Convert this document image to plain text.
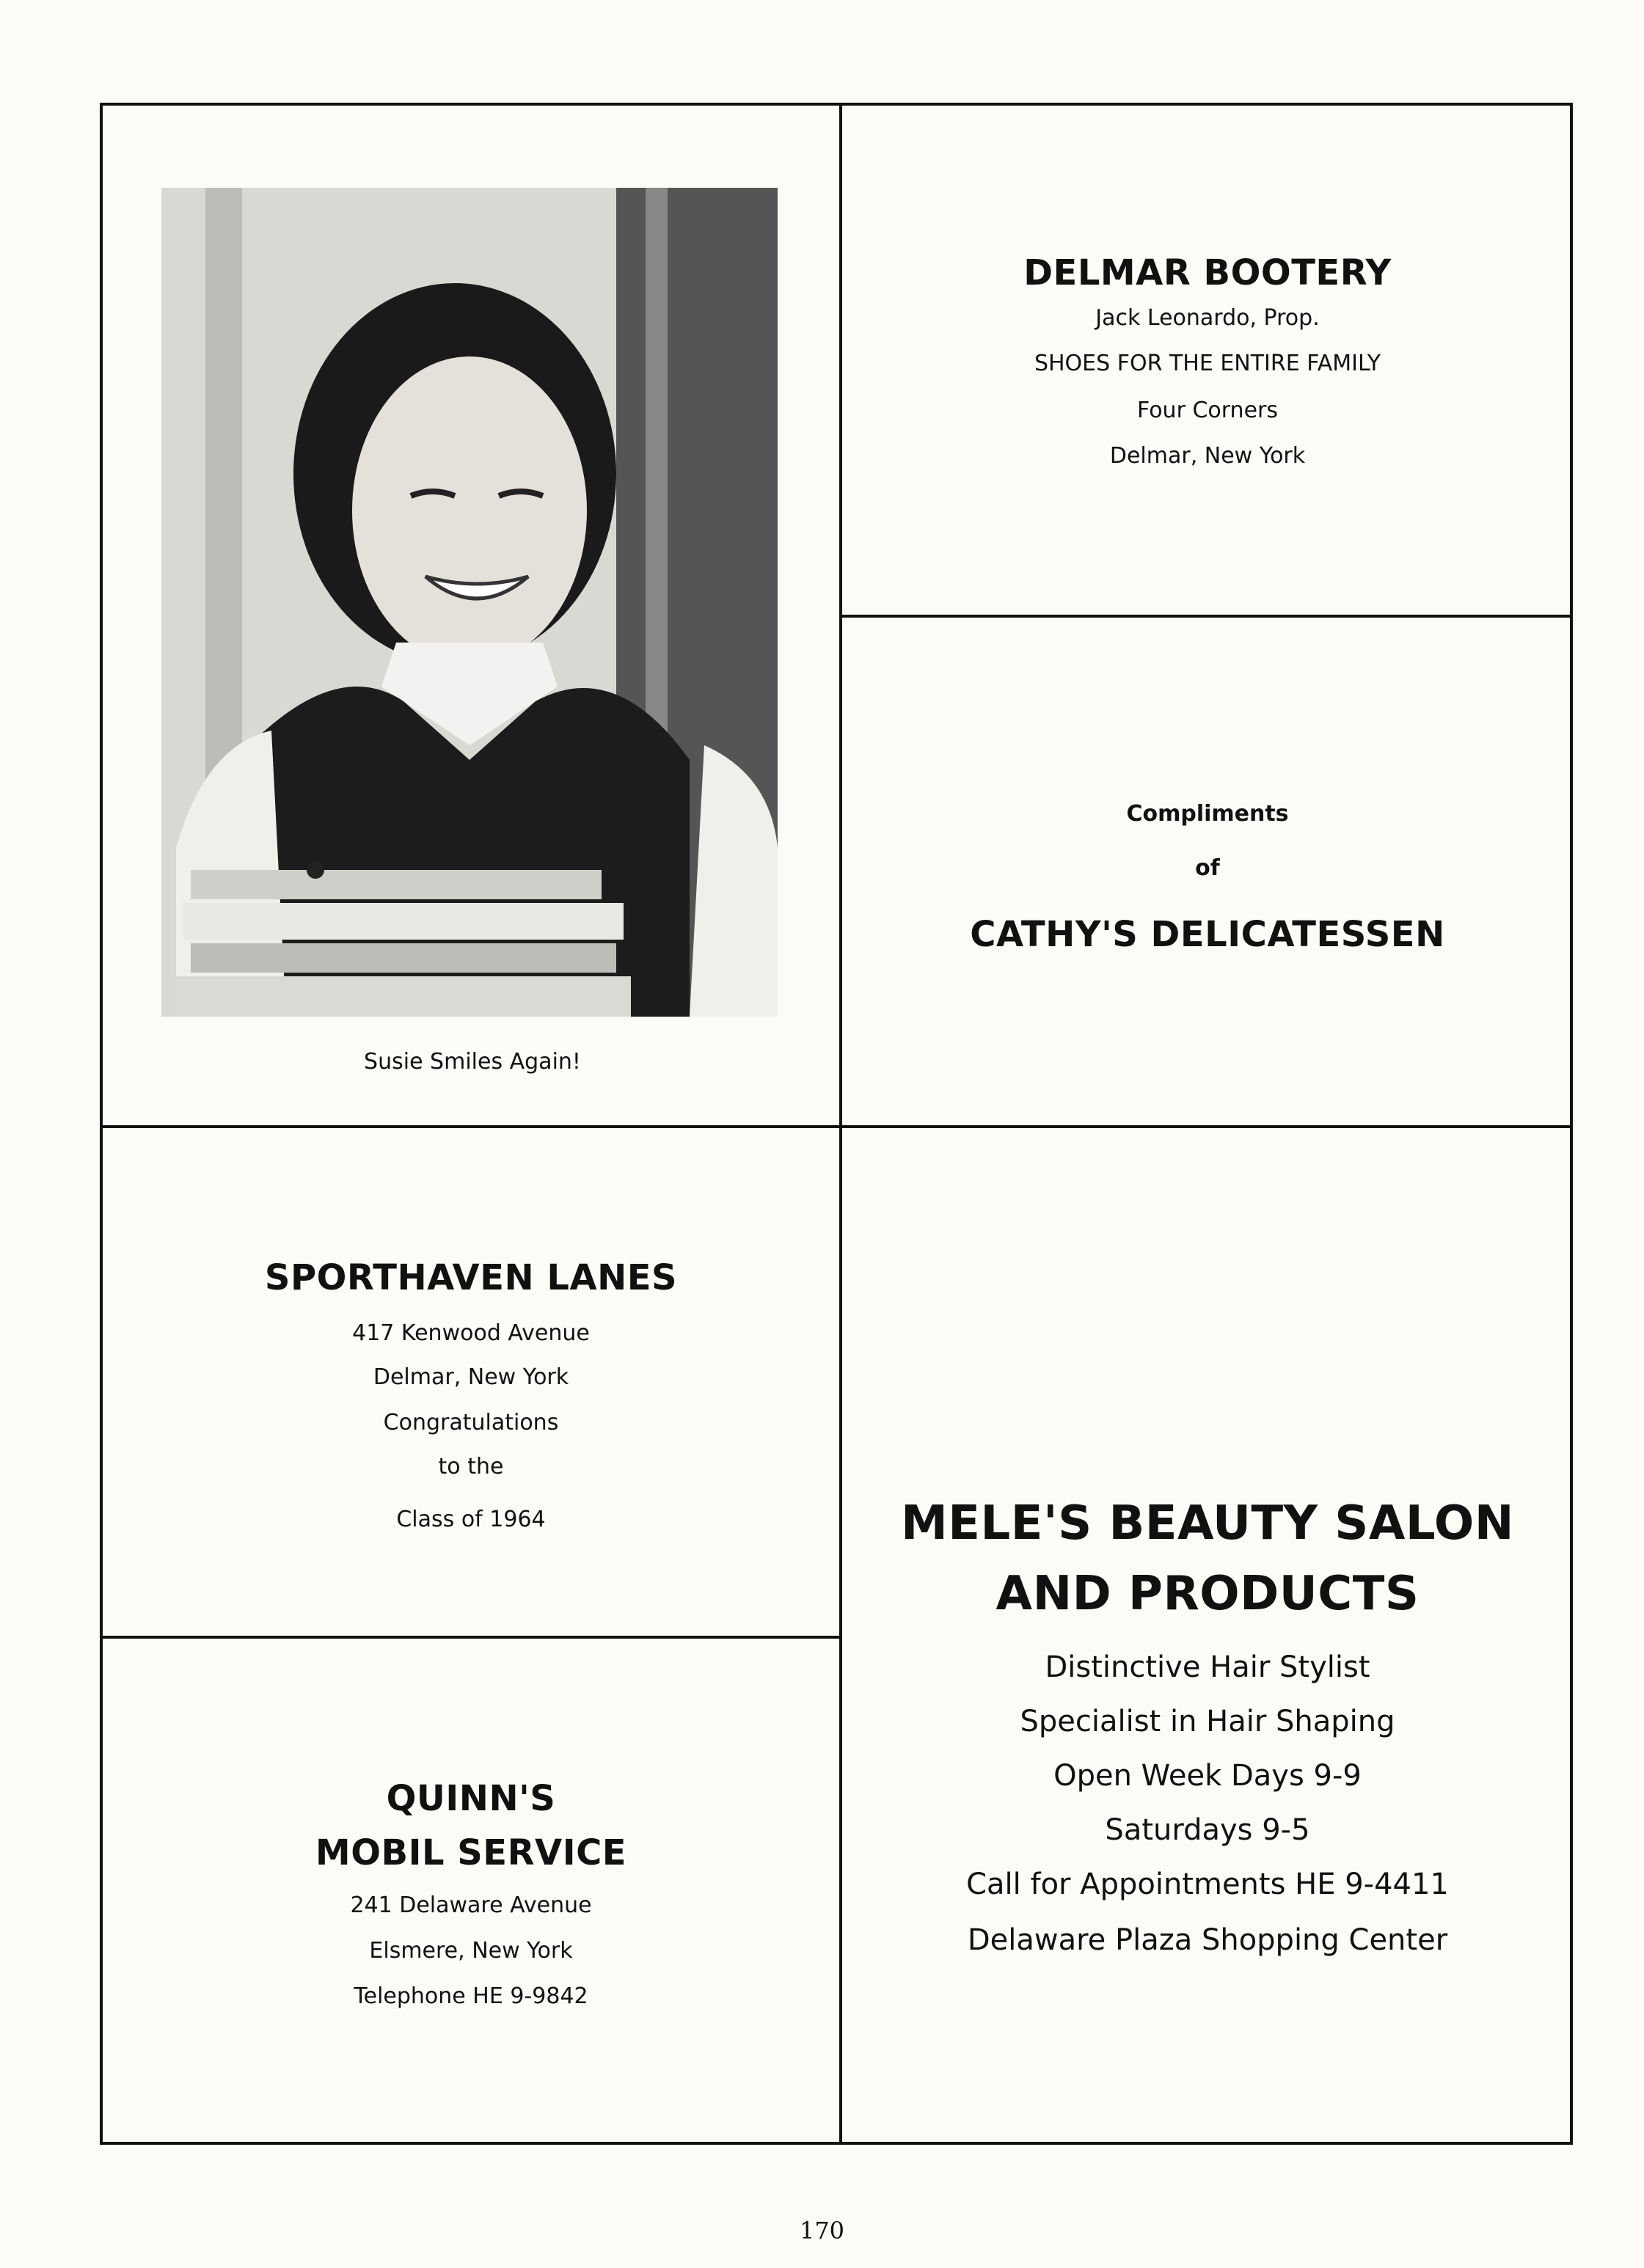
Susie Smiles Again!
DELMAR BOOTERY
Jack Leonardo, Prop.
SHOES FOR THE ENTIRE FAMILY
Four Corners
Delmar, New York
Compliments
of
CATHY'S DELICATESSEN
SPORTHAVEN LANES
417 Kenwood Avenue
Delmar, New York
Congratulations
to the
Class of 1964
QUINN'S
MOBIL SERVICE
241 Delaware Avenue
Elsmere, New York
Telephone HE 9-9842
MELE'S BEAUTY SALON
AND PRODUCTS
Distinctive Hair Stylist
Specialist in Hair Shaping
Open Week Days 9-9
Saturdays 9-5
Call for Appointments HE 9-4411
Delaware Plaza Shopping Center
170
